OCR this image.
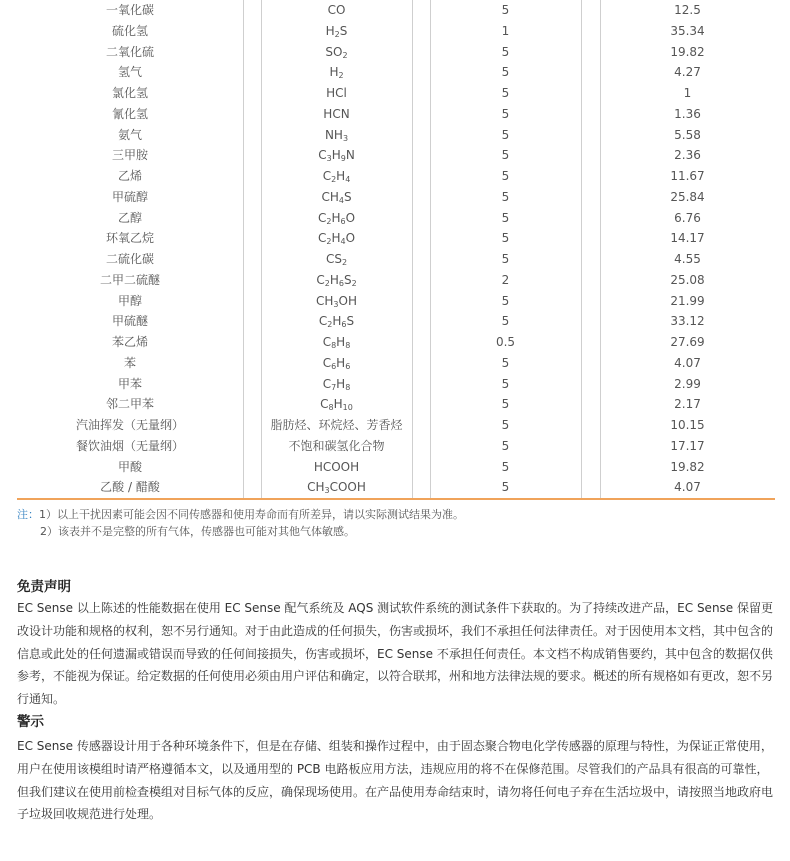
一氧化碳	CO	5	12.5
硫化氢	$H_2S$	1	35.34
二氧化硫	$SO_2$	5	19.82
氢气	$H_2$	5	4.27
氯化氢	HCl	5	1
氰化氢	HCN	5	1.36
氨气	$NH_3$	5	5.58
三甲胺	$C_3H_9N$	5	2.36
乙烯	$C_2H_4$	5	11.67
甲硫醇	$CH_4S$	5	25.84
乙醇	$C_2H_6O$	5	6.76
环氧乙烷	$C_2H_4O$	5	14.17
二硫化碳	$CS_2$	5	4.55
二甲二硫醚	$C_2H_6S_2$	2	25.08
甲醇	$CH_3OH$	5	21.99
甲硫醚	$C_2H_6S$	5	33.12
苯乙烯	$C_8H_8$	0.5	27.69
苯	$C_6H_6$	5	4.07
甲苯	$C_7H_8$	5	2.99
邻二甲苯	$C_8H_{10}$	5	2.17
汽油挥发（无量纲）	脂肪烃、环烷烃、芳香烃	5	10.15
餐饮油烟（无量纲）	不饱和碳氢化合物	5	17.17
甲酸	HCOOH	5	19.82
乙酸 / 醋酸	$CH_3COOH$	5	4.07
注：1）以上干扰因素可能会因不同传感器和使用寿命而有所差异，请以实际测试结果为准。
2）该表并不是完整的所有气体，传感器也可能对其他气体敏感。
免责声明
EC Sense 以上陈述的性能数据在使用 EC Sense 配气系统及 AQS 测试软件系统的测试条件下获取的。为了持续改进产品，EC Sense 保留更改设计功能和规格的权利，恕不另行通知。对于由此造成的任何损失，伤害或损坏，我们不承担任何法律责任。对于因使用本文档，其中包含的信息或此处的任何遗漏或错误而导致的任何间接损失，伤害或损坏，EC Sense 不承担任何责任。本文档不构成销售要约，其中包含的数据仅供参考，不能视为保证。给定数据的任何使用必须由用户评估和确定，以符合联邦，州和地方法律法规的要求。概述的所有规格如有更改，恕不另行通知。
警示
EC Sense 传感器设计用于各种环境条件下，但是在存储、组装和操作过程中，由于固态聚合物电化学传感器的原理与特性，为保证正常使用，用户在使用该模组时请严格遵循本文，以及通用型的 PCB 电路板应用方法，违规应用的将不在保修范围。尽管我们的产品具有很高的可靠性，但我们建议在使用前检查模组对目标气体的反应，确保现场使用。在产品使用寿命结束时，请勿将任何电子弃在生活垃圾中，请按照当地政府电子垃圾回收规范进行处理。
